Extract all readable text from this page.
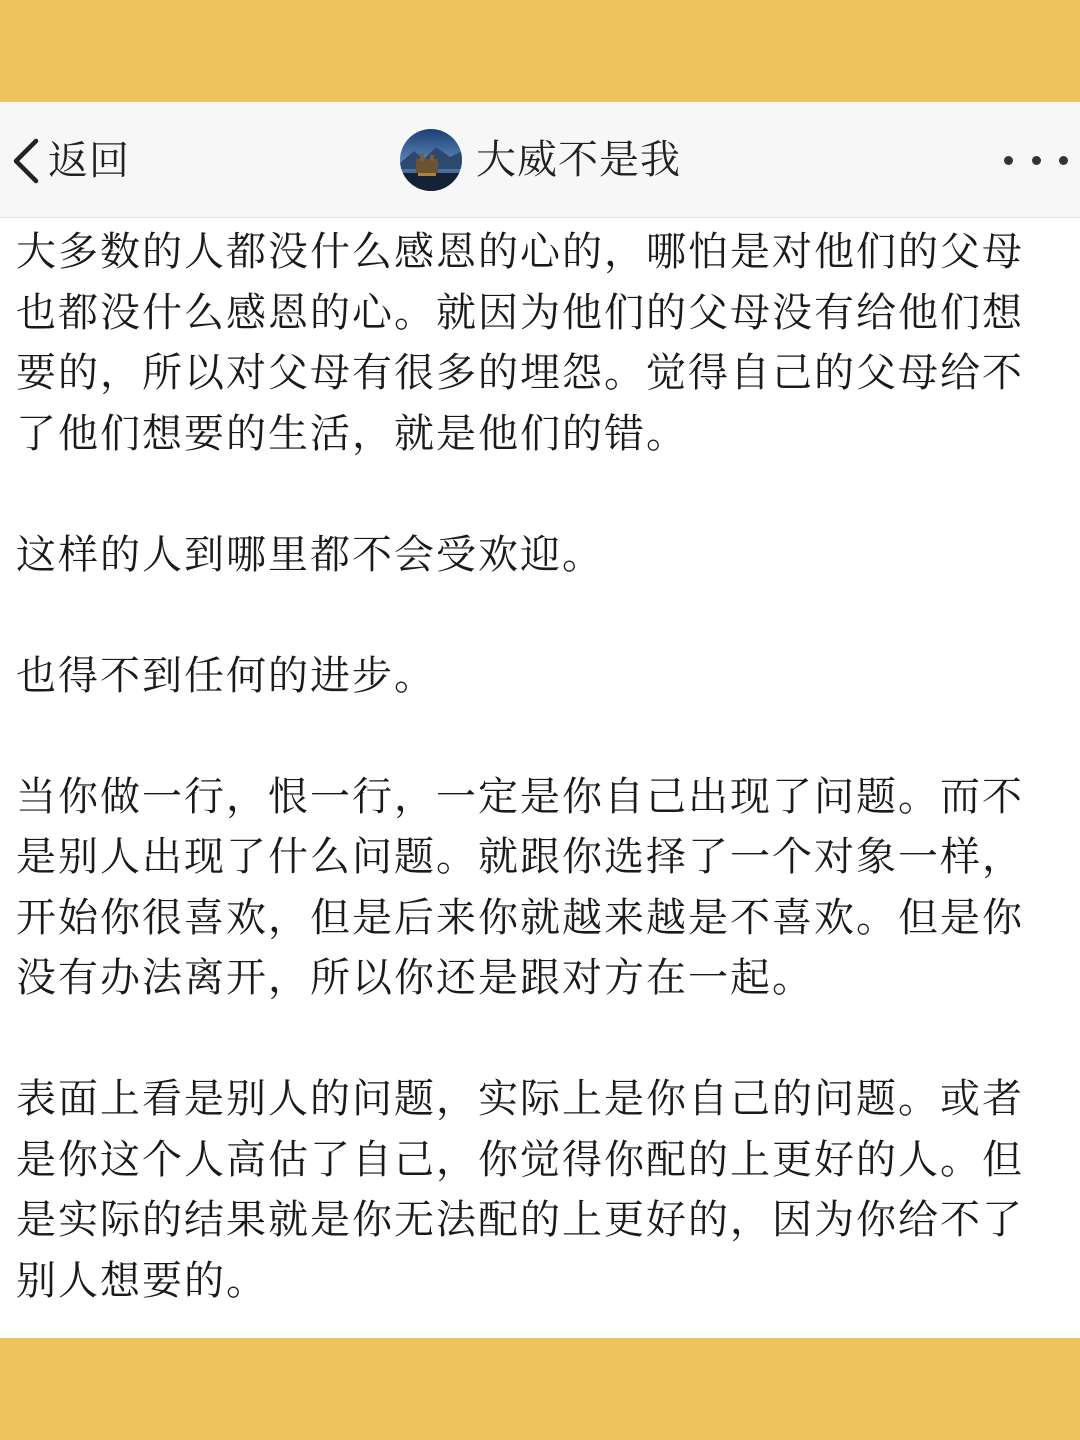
返回	大威不是我

大多数的人都没什么感恩的心的，哪怕是对他们的父母也都没什么感恩的心。就因为他们的父母没有给他们想要的，所以对父母有很多的埋怨。觉得自己的父母给不了他们想要的生活，就是他们的错。

这样的人到哪里都不会受欢迎。

也得不到任何的进步。

当你做一行，恨一行，一定是你自己出现了问题。而不是别人出现了什么问题。就跟你选择了一个对象一样，开始你很喜欢，但是后来你就越来越是不喜欢。但是你没有办法离开，所以你还是跟对方在一起。

表面上看是别人的问题，实际上是你自己的问题。或者是你这个人高估了自己，你觉得你配的上更好的人。但是实际的结果就是你无法配的上更好的，因为你给不了别人想要的。
